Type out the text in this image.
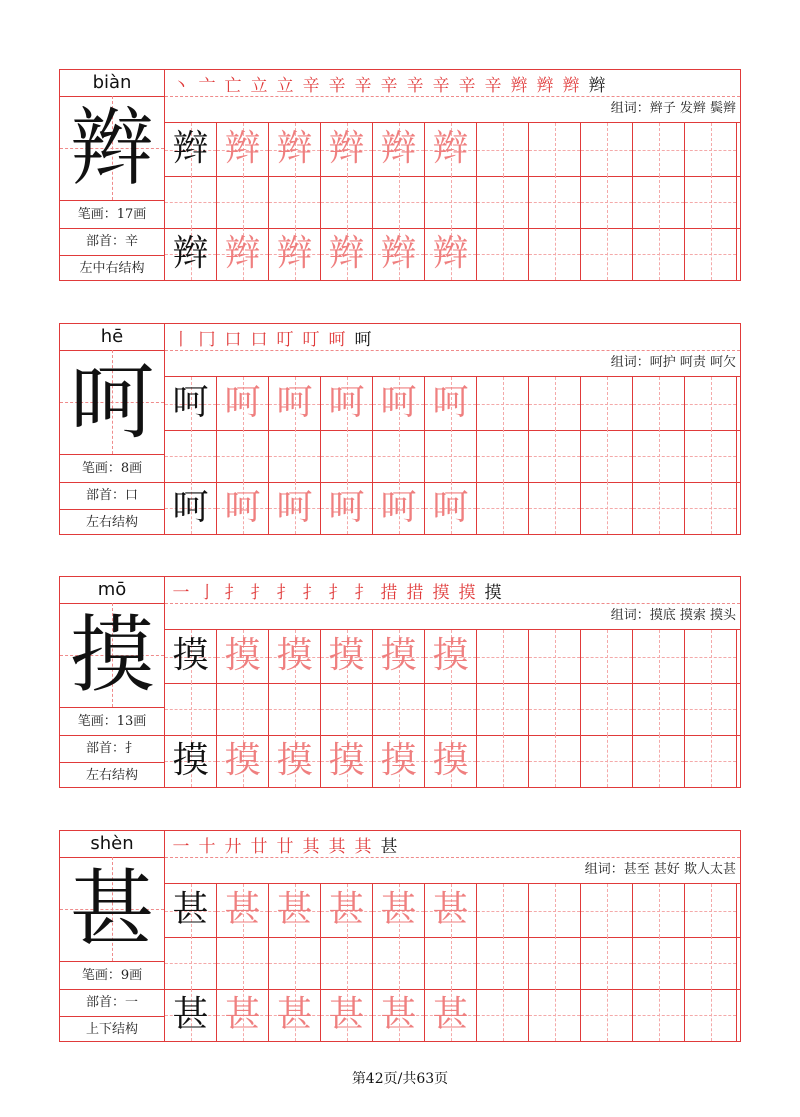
biàn
辫
笔画：17画
部首：辛
左中右结构
丶 亠 亡 立 立 辛 辛 辛 辛 辛 辛 辛 辛 辫 辫 辫 辫
组词：辫子 发辫 鬓辫
辫 辫 辫 辫 辫 辫
辫 辫 辫 辫 辫 辫
hē
呵
笔画：8画
部首：口
左右结构
丨 冂 口 口 叮 叮 呵 呵
组词：呵护 呵责 呵欠
呵 呵 呵 呵 呵 呵
呵 呵 呵 呵 呵 呵
mō
摸
笔画：13画
部首：扌
左右结构
一 亅 扌 扌 扌 扌 扌 扌 措 措 摸 摸 摸
组词：摸底 摸索 摸头
摸 摸 摸 摸 摸 摸
摸 摸 摸 摸 摸 摸
shèn
甚
笔画：9画
部首：一
上下结构
一 十 廾 廿 廿 其 其 其 甚
组词：甚至 甚好 欺人太甚
甚 甚 甚 甚 甚 甚
甚 甚 甚 甚 甚 甚
第42页/共63页
